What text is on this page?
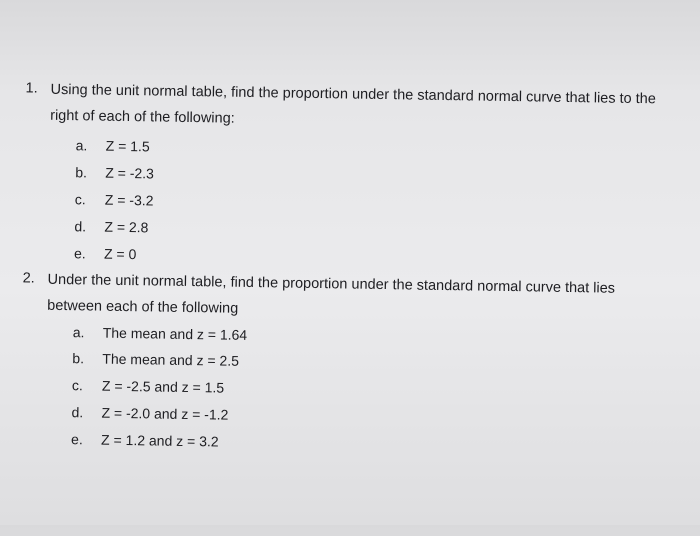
1. Using the unit normal table, find the proportion under the standard normal curve that lies to the
right of each of the following:
a. Z = 1.5
b. Z = -2.3
c. Z = -3.2
d. Z = 2.8
e. Z = 0
2. Under the unit normal table, find the proportion under the standard normal curve that lies
between each of the following
a. The mean and z = 1.64
b. The mean and z = 2.5
c. Z = -2.5 and z = 1.5
d. Z = -2.0 and z = -1.2
e. Z = 1.2 and z = 3.2
